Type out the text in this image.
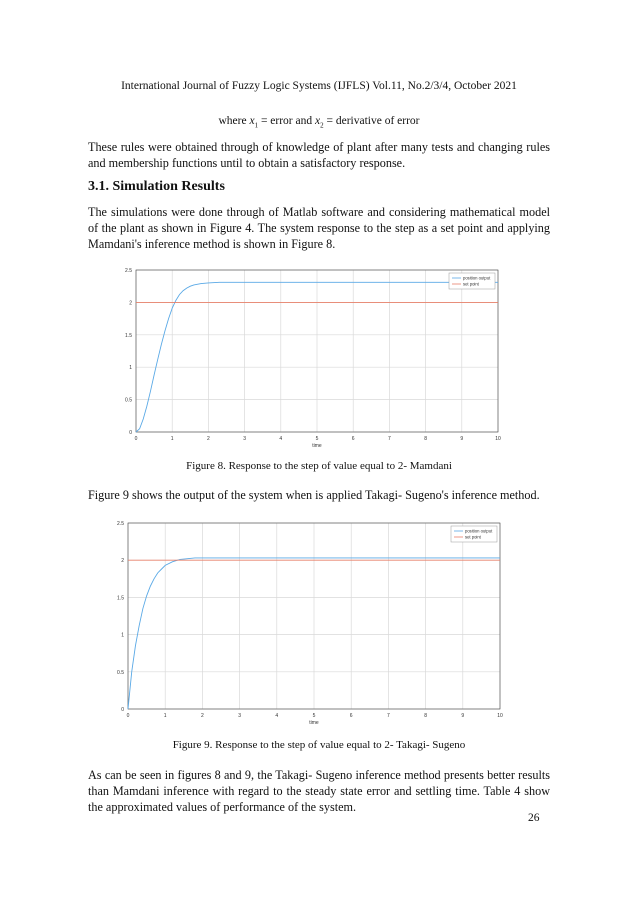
International Journal of Fuzzy Logic Systems (IJFLS) Vol.11, No.2/3/4, October 2021
where $x_1$ = error and $x_2$ = derivative of error
These rules were obtained through of knowledge of plant after many tests and changing rules and membership functions until to obtain a satisfactory response.
3.1. Simulation Results
The simulations were done through of Matlab software and considering mathematical model of the plant as shown in Figure 4. The system response to the step as a set point and applying Mamdani's inference method is shown in Figure 8.
0	1	2	3	4	5	6	7	8	9	10
0
0.5
1
1.5
2
2.5
time
position output
set point
Figure 8. Response to the step of value equal to 2- Mamdani
Figure 9 shows the output of the system when is applied Takagi- Sugeno's inference method.
0	1	2	3	4	5	6	7	8	9	10
0
0.5
1
1.5
2
2.5
time
position output
set point
Figure 9. Response to the step of value equal to 2- Takagi- Sugeno
As can be seen in figures 8 and 9, the Takagi- Sugeno inference method presents better results than Mamdani inference with regard to the steady state error and settling time. Table 4 show the approximated values of performance of the system.
26
